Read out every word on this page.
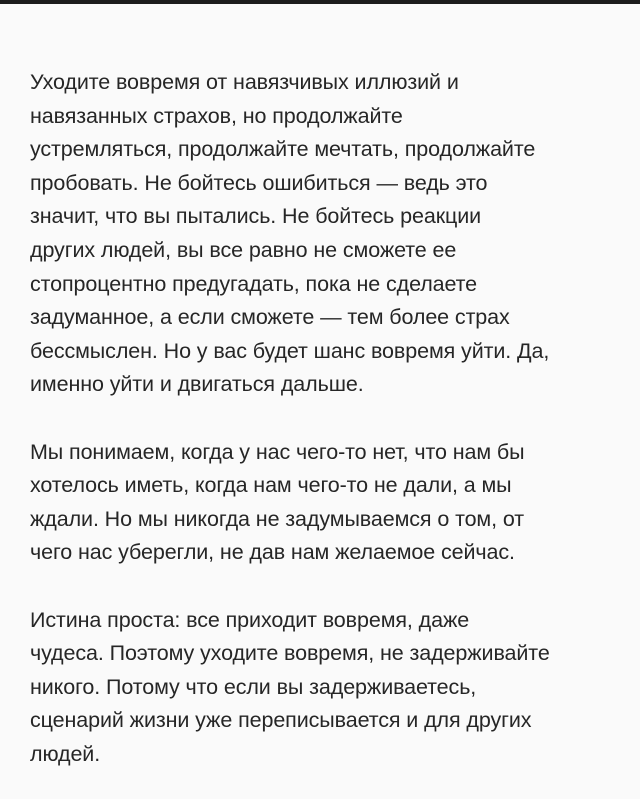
Уходите вовремя от навязчивых иллюзий и
навязанных страхов, но продолжайте
устремляться, продолжайте мечтать, продолжайте
пробовать. Не бойтесь ошибиться — ведь это
значит, что вы пытались. Не бойтесь реакции
других людей, вы все равно не сможете ее
стопроцентно предугадать, пока не сделаете
задуманное, а если сможете — тем более страх
бессмыслен. Но у вас будет шанс вовремя уйти. Да,
именно уйти и двигаться дальше.

Мы понимаем, когда у нас чего-то нет, что нам бы
хотелось иметь, когда нам чего-то не дали, а мы
ждали. Но мы никогда не задумываемся о том, от
чего нас уберегли, не дав нам желаемое сейчас.

Истина проста: все приходит вовремя, даже
чудеса. Поэтому уходите вовремя, не задерживайте
никого. Потому что если вы задерживаетесь,
сценарий жизни уже переписывается и для других
людей.
